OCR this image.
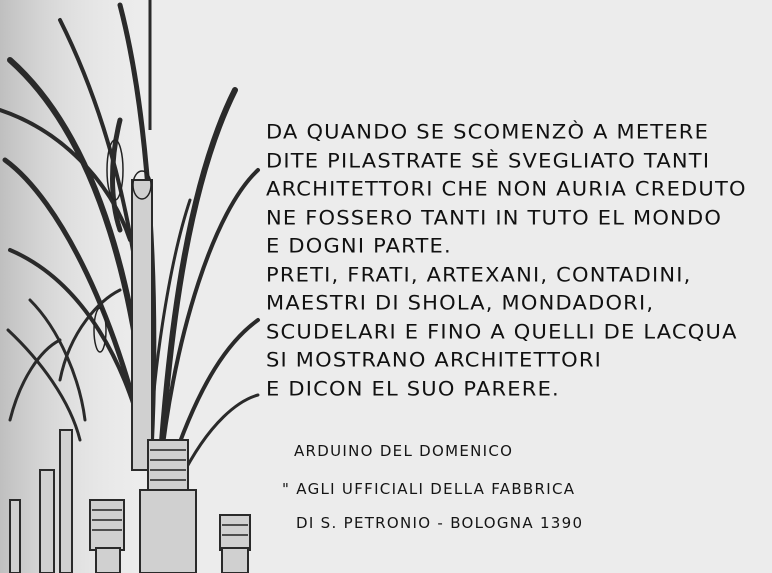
DA QUANDO SE SCOMENZÒ A METERE
DITE PILASTRATE SÈ SVEGLIATO TANTI
ARCHITETTORI CHE NON AURIA CREDUTO
NE FOSSERO TANTI IN TUTO EL MONDO
E DOGNI PARTE.
PRETI, FRATI, ARTEXANI, CONTADINI,
MAESTRI DI SHOLA, MONDADORI,
SCUDELARI E FINO A QUELLI DE LACQUA
SI MOSTRANO ARCHITETTORI
E DICON EL SUO PARERE.
ARDUINO DEL DOMENICO
" AGLI UFFICIALI DELLA FABBRICA
DI S. PETRONIO - BOLOGNA 1390
